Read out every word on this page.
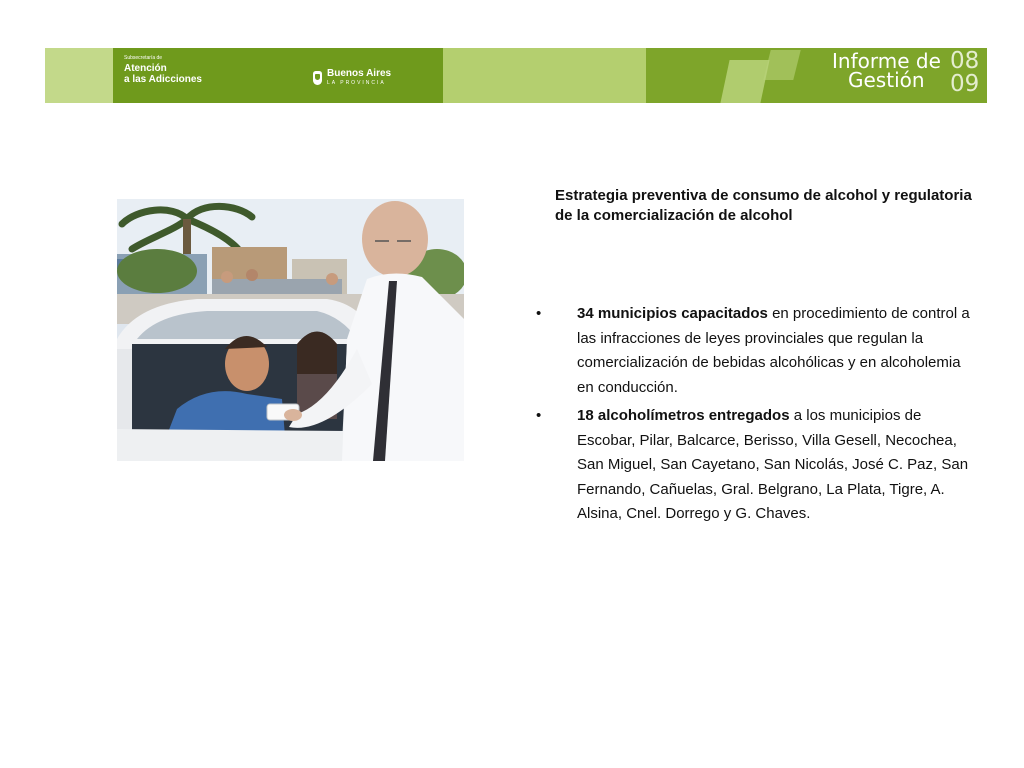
Subsecretaría de
Atención
a las Adicciones
Buenos Aires
LA PROVINCIA
Informe de
Gestión
08
09
Estrategia preventiva de consumo de alcohol y regulatoria de la comercialización de alcohol
•	34 municipios capacitados en procedimiento de control a las infracciones de leyes provinciales que regulan la comercialización de bebidas alcohólicas y en alcoholemia en conducción.
•	18 alcoholímetros entregados a los municipios de Escobar, Pilar, Balcarce, Berisso, Villa Gesell, Necochea, San Miguel, San Cayetano, San Nicolás, José C. Paz, San Fernando, Cañuelas, Gral. Belgrano, La Plata, Tigre, A. Alsina, Cnel. Dorrego y G. Chaves.
